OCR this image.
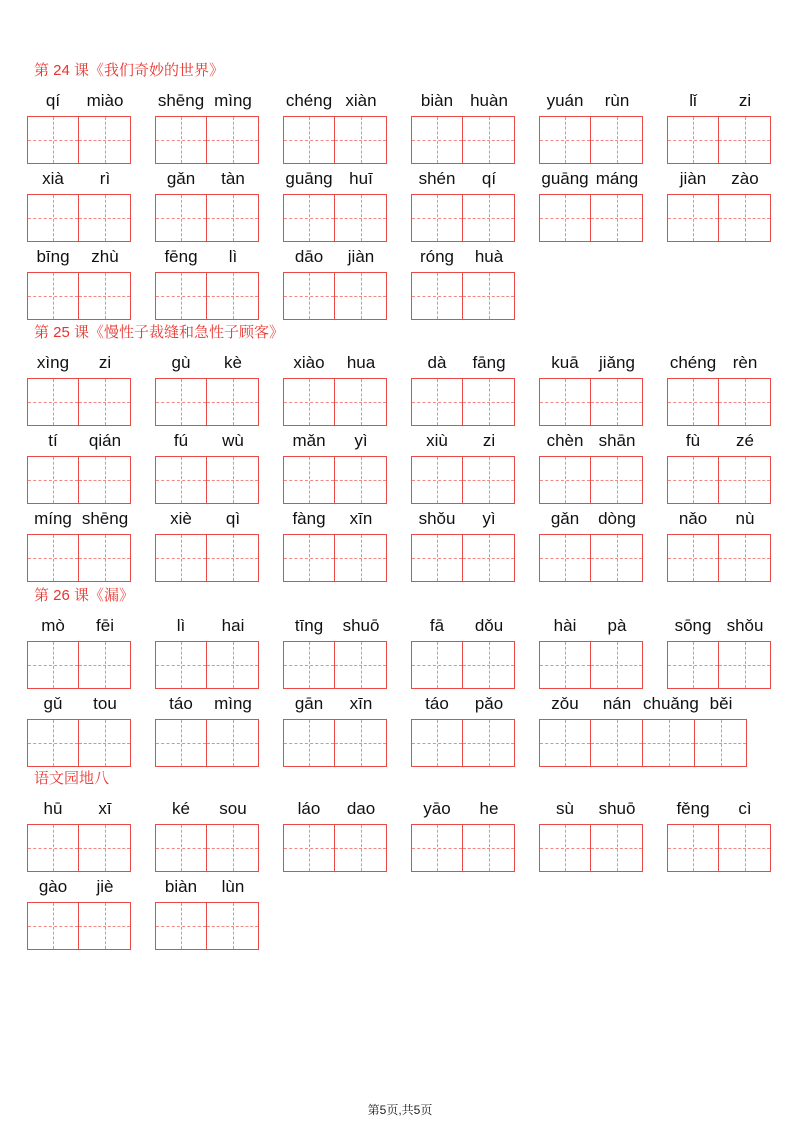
第 24 课《我们奇妙的世界》
qí	miào	shēng mìng	chéng xiàn	biàn	huàn	yuán	rùn	lǐ	zi
xià	rì	gǎn	tàn	guāng huī	shén	qí	guāng máng	jiàn	zào
bīng	zhù	fēng	lì	dāo	jiàn	róng	huà
第 25 课《慢性子裁缝和急性子顾客》
xìng	zi	gù	kè	xiào	hua	dà	fāng	kuā	jiǎng	chéng rèn
tí	qián	fú	wù	mǎn	yì	xiù	zi	chèn shān	fù	zé
míng shēng	xiè	qì	fàng	xīn	shǒu	yì	gǎn	dòng	nǎo	nù
第 26 课《漏》
mò	fēi	lì	hai	tīng	shuō	fā	dǒu	hài	pà	sōng shǒu
gǔ	tou	táo	mìng	gān	xīn	táo	pǎo	zǒu	nán chuǎng běi
语文园地八
hū	xī	ké	sou	láo	dao	yāo	he	sù	shuō	fěng	cì
gào	jiè	biàn	lùn
第5页,共5页
